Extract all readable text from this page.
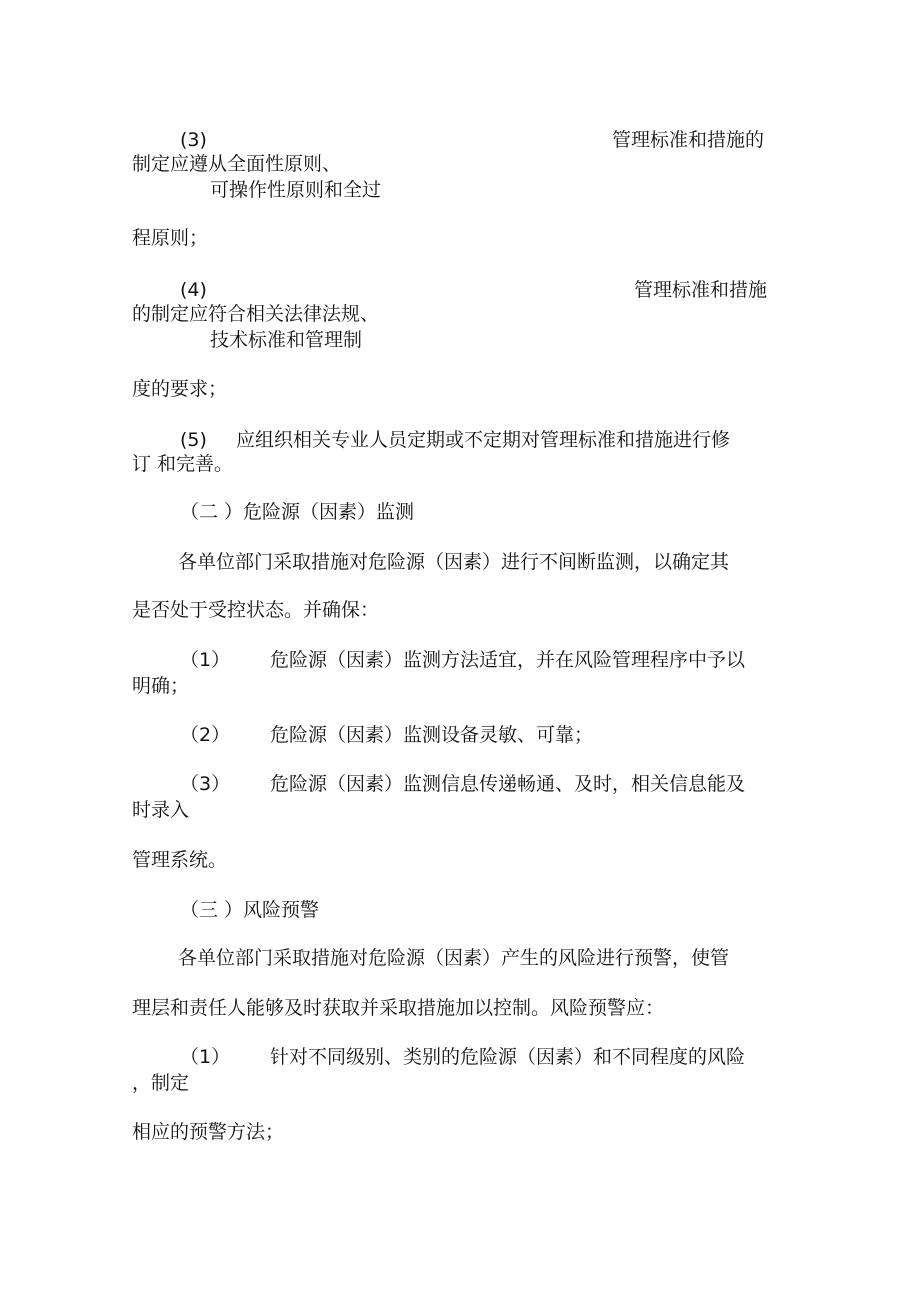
(3)	管理标准和措施的

制定应遵从全面性原则、

可操作性原则和全过

程原则；

(4)	管理标准和措施

的制定应符合相关法律法规、

技术标准和管理制

度的要求；

(5) 应组织相关专业人员定期或不定期对管理标准和措施进行修

订 和完善。

（二 ）危险源（因素）监测

各单位部门采取措施对危险源（因素）进行不间断监测，以确定其

是否处于受控状态。并确保：

（1） 危险源（因素）监测方法适宜，并在风险管理程序中予以

明确；

（2） 危险源（因素）监测设备灵敏、可靠；

（3） 危险源（因素）监测信息传递畅通、及时，相关信息能及

时录入

管理系统。

（三 ）风险预警

各单位部门采取措施对危险源（因素）产生的风险进行预警，使管

理层和责任人能够及时获取并采取措施加以控制。风险预警应：

（1） 针对不同级别、类别的危险源（因素）和不同程度的风险

，制定

相应的预警方法；
